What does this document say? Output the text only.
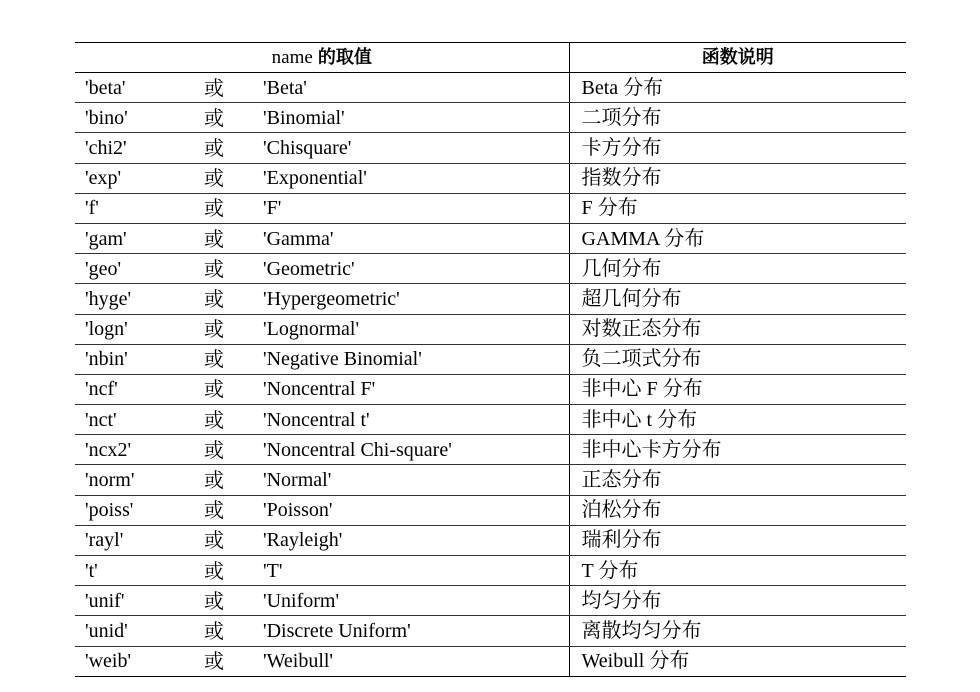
name 的取值			函数说明
'beta'	或	'Beta'	Beta 分布
'bino'	或	'Binomial'	二项分布
'chi2'	或	'Chisquare'	卡方分布
'exp'	或	'Exponential'	指数分布
'f'	或	'F'	F 分布
'gam'	或	'Gamma'	GAMMA 分布
'geo'	或	'Geometric'	几何分布
'hyge'	或	'Hypergeometric'	超几何分布
'logn'	或	'Lognormal'	对数正态分布
'nbin'	或	'Negative Binomial'	负二项式分布
'ncf'	或	'Noncentral F'	非中心 F 分布
'nct'	或	'Noncentral t'	非中心 t 分布
'ncx2'	或	'Noncentral Chi-square'	非中心卡方分布
'norm'	或	'Normal'	正态分布
'poiss'	或	'Poisson'	泊松分布
'rayl'	或	'Rayleigh'	瑞利分布
't'	或	'T'	T 分布
'unif'	或	'Uniform'	均匀分布
'unid'	或	'Discrete Uniform'	离散均匀分布
'weib'	或	'Weibull'	Weibull 分布
